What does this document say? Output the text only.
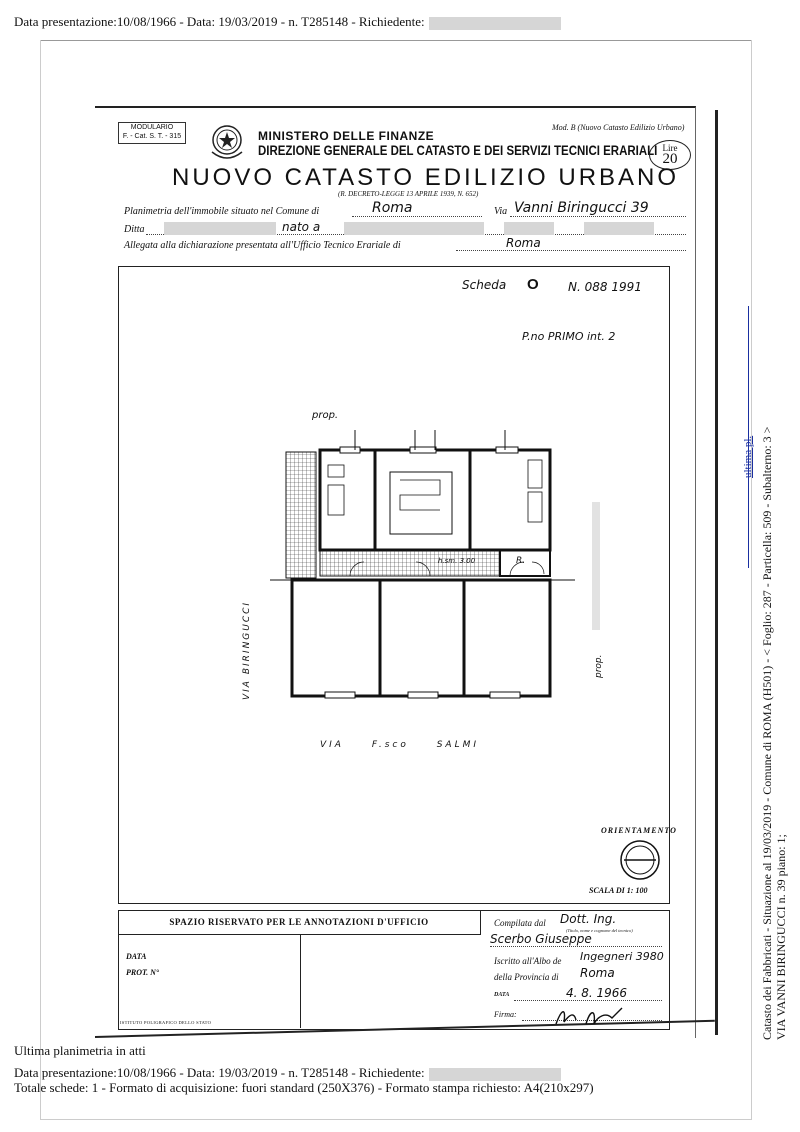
Data presentazione:10/08/1966 - Data: 19/03/2019 - n. T285148 - Richiedente:
MODULARIO
F. - Cat. S. T. - 315	MINISTERO DELLE FINANZE
DIREZIONE GENERALE DEL CATASTO E DEI SERVIZI TECNICI ERARIALI
Mod. B (Nuovo Catasto Edilizio Urbano)
Lire
20
NUOVO CATASTO EDILIZIO URBANO
(R. DECRETO-LEGGE 13 APRILE 1939, N. 652)
Planimetria dell'immobile situato nel Comune di	Roma	Via Vanni Biringucci 39
Ditta	nato a
Allegata alla dichiarazione presentata all'Ufficio Tecnico Erariale di	Roma
Scheda O N. 088 1991
P.no PRIMO int. 2
prop.
prop.
VIA BIRINGUCCI
VIA F.sco SALMI
R.
h.sm. 3.00
ORIENTAMENTO
SCALA DI 1: 100
SPAZIO RISERVATO PER LE ANNOTAZIONI D'UFFICIO
DATA
PROT. N°
Compilata dal Dott. Ing.
(Titolo, nome e cognome del tecnico)
Scerbo Giuseppe
Iscritto all'Albo de Ingegneri 3980
della Provincia di Roma
DATA	4. 8. 1966
Firma:
ISTITUTO POLIGRAFICO DELLO STATO
ultima pl. Catasto dei Fabbricati - Situazione al 19/03/2019 - Comune di ROMA (H501) - < Foglio: 287 - Particella: 509 - Subalterno: 3 > VIA VANNI BIRINGUCCI n. 39 piano: 1;
Ultima planimetria in atti
Data presentazione:10/08/1966 - Data: 19/03/2019 - n. T285148 - Richiedente:
Totale schede: 1 - Formato di acquisizione: fuori standard (250X376) - Formato stampa richiesto: A4(210x297)
